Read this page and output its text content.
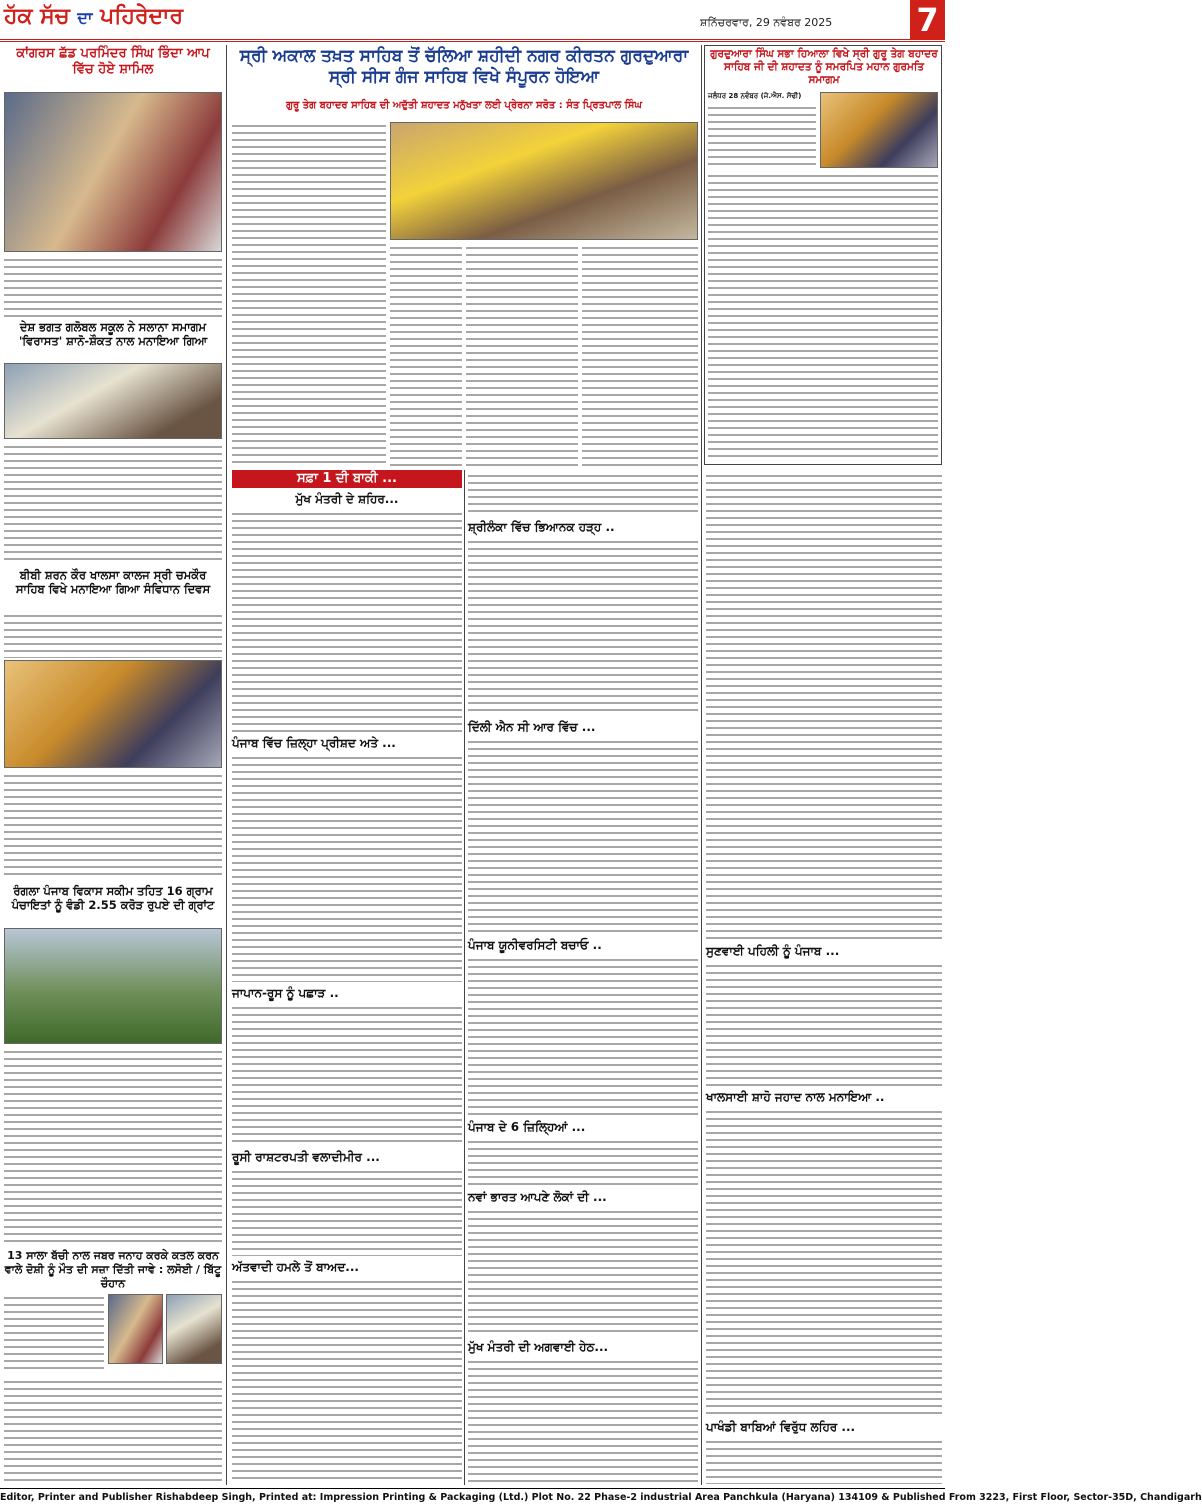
ਹੱਕ ਸੱਚ ਦਾ ਪਹਿਰੇਦਾਰ	ਸ਼ਨਿੱਚਰਵਾਰ, 29 ਨਵੰਬਰ 2025	7
ਕਾਂਗਰਸ ਛੱਡ ਪਰਮਿੰਦਰ ਸਿੰਘ ਭਿੰਦਾ ਆਪ ਵਿੱਚ ਹੋਏ ਸ਼ਾਮਿਲ
ਦੇਸ਼ ਭਗਤ ਗਲੋਬਲ ਸਕੂਲ ਨੇ ਸਲਾਨਾ ਸਮਾਗਮ 'ਵਿਰਾਸਤ' ਸ਼ਾਨੋ-ਸ਼ੌਕਤ ਨਾਲ ਮਨਾਇਆ ਗਿਆ
ਬੀਬੀ ਸ਼ਰਨ ਕੌਰ ਖਾਲਸਾ ਕਾਲਜ ਸ੍ਰੀ ਚਮਕੌਰ ਸਾਹਿਬ ਵਿਖੇ ਮਨਾਇਆ ਗਿਆ ਸੰਵਿਧਾਨ ਦਿਵਸ
ਰੰਗਲਾ ਪੰਜਾਬ ਵਿਕਾਸ ਸਕੀਮ ਤਹਿਤ 16 ਗ੍ਰਾਮ ਪੰਚਾਇਤਾਂ ਨੂੰ ਵੰਡੀ 2.55 ਕਰੋੜ ਰੁਪਏ ਦੀ ਗ੍ਰਾਂਟ
13 ਸਾਲਾ ਬੱਚੀ ਨਾਲ ਜਬਰ ਜਨਾਹ ਕਰਕੇ ਕਤਲ ਕਰਨ ਵਾਲੇ ਦੋਸ਼ੀ ਨੂੰ ਮੌਤ ਦੀ ਸਜ਼ਾ ਦਿੱਤੀ ਜਾਵੇ : ਲਸੋਈ / ਬਿੱਟੂ ਚੌਹਾਨ
ਸ੍ਰੀ ਅਕਾਲ ਤਖ਼ਤ ਸਾਹਿਬ ਤੋਂ ਚੱਲਿਆ ਸ਼ਹੀਦੀ ਨਗਰ ਕੀਰਤਨ ਗੁਰਦੁਆਰਾ ਸ੍ਰੀ ਸੀਸ ਗੰਜ ਸਾਹਿਬ ਵਿਖੇ ਸੰਪੂਰਨ ਹੋਇਆ
ਗੁਰੂ ਤੇਗ ਬਹਾਦਰ ਸਾਹਿਬ ਦੀ ਅਦੁੱਤੀ ਸ਼ਹਾਦਤ ਮਨੁੱਖਤਾ ਲਈ ਪ੍ਰੇਰਨਾ ਸਰੋਤ : ਸੰਤ ਪ੍ਰਿਤਪਾਲ ਸਿੰਘ
ਸਫ਼ਾ 1 ਦੀ ਬਾਕੀ ...
ਮੁੱਖ ਮੰਤਰੀ ਦੇ ਸ਼ਹਿਰ...
ਪੰਜਾਬ ਵਿੱਚ ਜ਼ਿਲ੍ਹਾ ਪ੍ਰੀਸ਼ਦ ਅਤੇ ...
ਜਾਪਾਨ-ਰੂਸ ਨੂੰ ਪਛਾੜ ..
ਰੂਸੀ ਰਾਸ਼ਟਰਪਤੀ ਵਲਾਦੀਮੀਰ ...
ਅੱਤਵਾਦੀ ਹਮਲੇ ਤੋਂ ਬਾਅਦ...
ਸ਼੍ਰੀਲੰਕਾ ਵਿੱਚ ਭਿਆਨਕ ਹੜ੍ਹ ..
ਦਿੱਲੀ ਐਨ ਸੀ ਆਰ ਵਿੱਚ ...
ਪੰਜਾਬ ਯੂਨੀਵਰਸਿਟੀ ਬਚਾਓ ..
ਪੰਜਾਬ ਦੇ 6 ਜ਼ਿਲ੍ਹਿਆਂ ...
ਨਵਾਂ ਭਾਰਤ ਆਪਣੇ ਲੋਕਾਂ ਦੀ ...
ਮੁੱਖ ਮੰਤਰੀ ਦੀ ਅਗਵਾਈ ਹੇਠ...
ਗੁਰਦੁਆਰਾ ਸਿੰਘ ਸਭਾ ਹਿਆਲਾ ਵਿਖੇ ਸ੍ਰੀ ਗੁਰੂ ਤੇਗ ਬਹਾਦਰ ਸਾਹਿਬ ਜੀ ਦੀ ਸ਼ਹਾਦਤ ਨੂੰ ਸਮਰਪਿਤ ਮਹਾਨ ਗੁਰਮਤਿ ਸਮਾਗਮ
ਜਲੰਧਰ 28 ਨਵੰਬਰ (ਜੇ.ਐਸ. ਸੋਢੀ)
ਸੁਣਵਾਈ ਪਹਿਲੀ ਨੂੰ ਪੰਜਾਬ ...
ਖਾਲਸਾਈ ਸ਼ਾਹੋ ਜਹਾਦ ਨਾਲ ਮਨਾਇਆ ..
ਪਾਖੰਡੀ ਬਾਬਿਆਂ ਵਿਰੁੱਧ ਲਹਿਰ ...
Editor, Printer and Publisher Rishabdeep Singh, Printed at: Impression Printing & Packaging (Ltd.) Plot No. 22 Phase-2 industrial Area Panchkula (Haryana) 134109 & Published From 3223, First Floor, Sector-35D, Chandigarh
